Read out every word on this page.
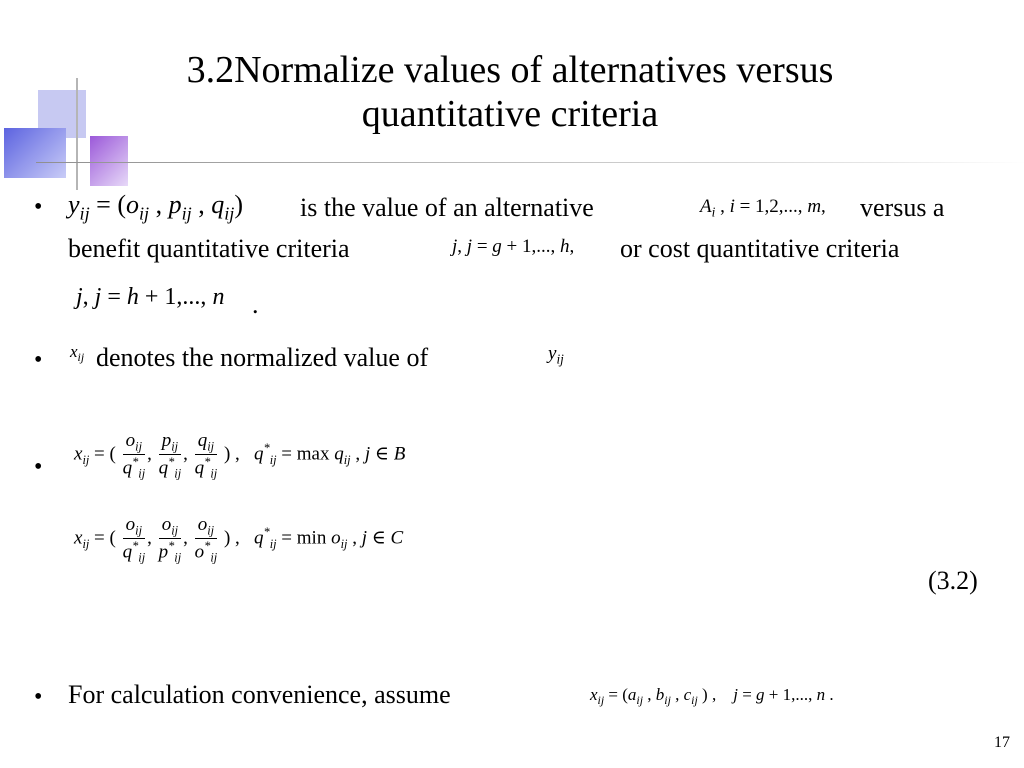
3.2Normalize values of alternatives versus quantitative criteria
• $y_{ij} = (o_{ij}$ , $p_{ij}$ , $q_{ij}$) is the value of an alternative	$A_i$ , i = 1,2,..., m, versus a
benefit quantitative criteria	j, j = g + 1,..., h, or cost quantitative criteria
j, j = h + 1,..., n .
• $x_{ij}$ denotes the normalized value of	$y_{ij}$
• $x_{ij}$ = ( $\frac{o_{ij}}{q^*_{ij}}$ , $\frac{p_{ij}}{q^*_{ij}}$ , $\frac{q_{ij}}{q^*_{ij}}$ ) ,   $q^*_{ij} = \max q_{ij}$ , j ∈ B
$x_{ij}$ = ( $\frac{o_{ij}}{q^*_{ij}}$ , $\frac{o_{ij}}{p^*_{ij}}$ , $\frac{o_{ij}}{o^*_{ij}}$ ) ,   $q^*_{ij} = \min o_{ij}$ , j ∈ C
(3.2)
• For calculation convenience, assume	$x_{ij} = (a_{ij}$ , $b_{ij}$ , $c_{ij}$ ) ,    j = g + 1,..., n .
17
